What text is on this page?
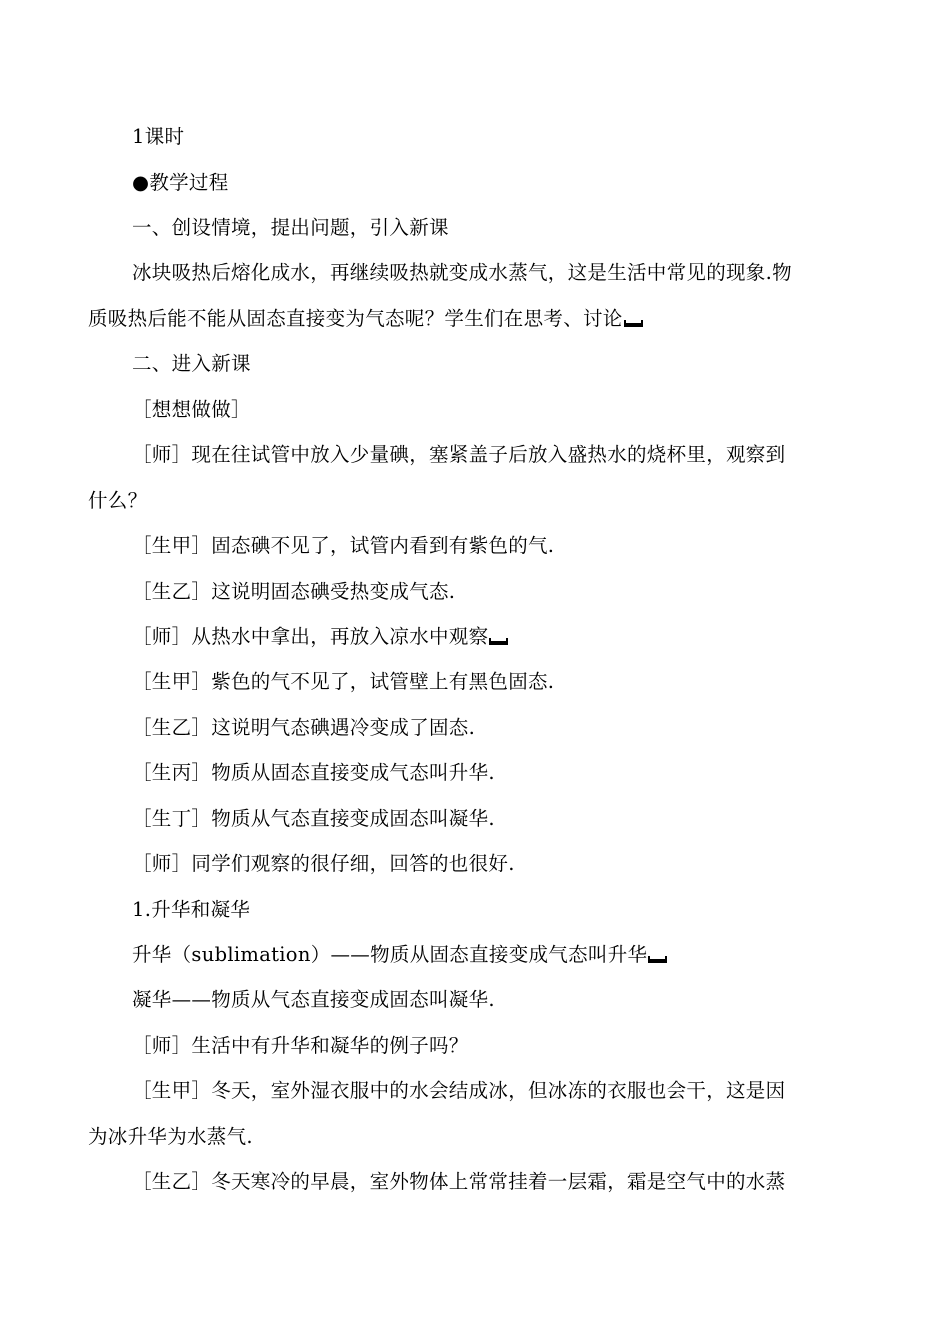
1课时
●教学过程
一、创设情境，提出问题，引入新课
冰块吸热后熔化成水，再继续吸热就变成水蒸气，这是生活中常见的现象.物
质吸热后能不能从固态直接变为气态呢？学生们在思考、讨论
二、进入新课
［想想做做］
［师］现在往试管中放入少量碘，塞紧盖子后放入盛热水的烧杯里，观察到
什么？
［生甲］固态碘不见了，试管内看到有紫色的气.
［生乙］这说明固态碘受热变成气态.
［师］从热水中拿出，再放入凉水中观察
［生甲］紫色的气不见了，试管壁上有黑色固态.
［生乙］这说明气态碘遇冷变成了固态.
［生丙］物质从固态直接变成气态叫升华.
［生丁］物质从气态直接变成固态叫凝华.
［师］同学们观察的很仔细，回答的也很好.
1.升华和凝华
升华（sublimation）——物质从固态直接变成气态叫升华
凝华——物质从气态直接变成固态叫凝华.
［师］生活中有升华和凝华的例子吗？
［生甲］冬天，室外湿衣服中的水会结成冰，但冰冻的衣服也会干，这是因
为冰升华为水蒸气.
［生乙］冬天寒冷的早晨，室外物体上常常挂着一层霜，霜是空气中的水蒸
